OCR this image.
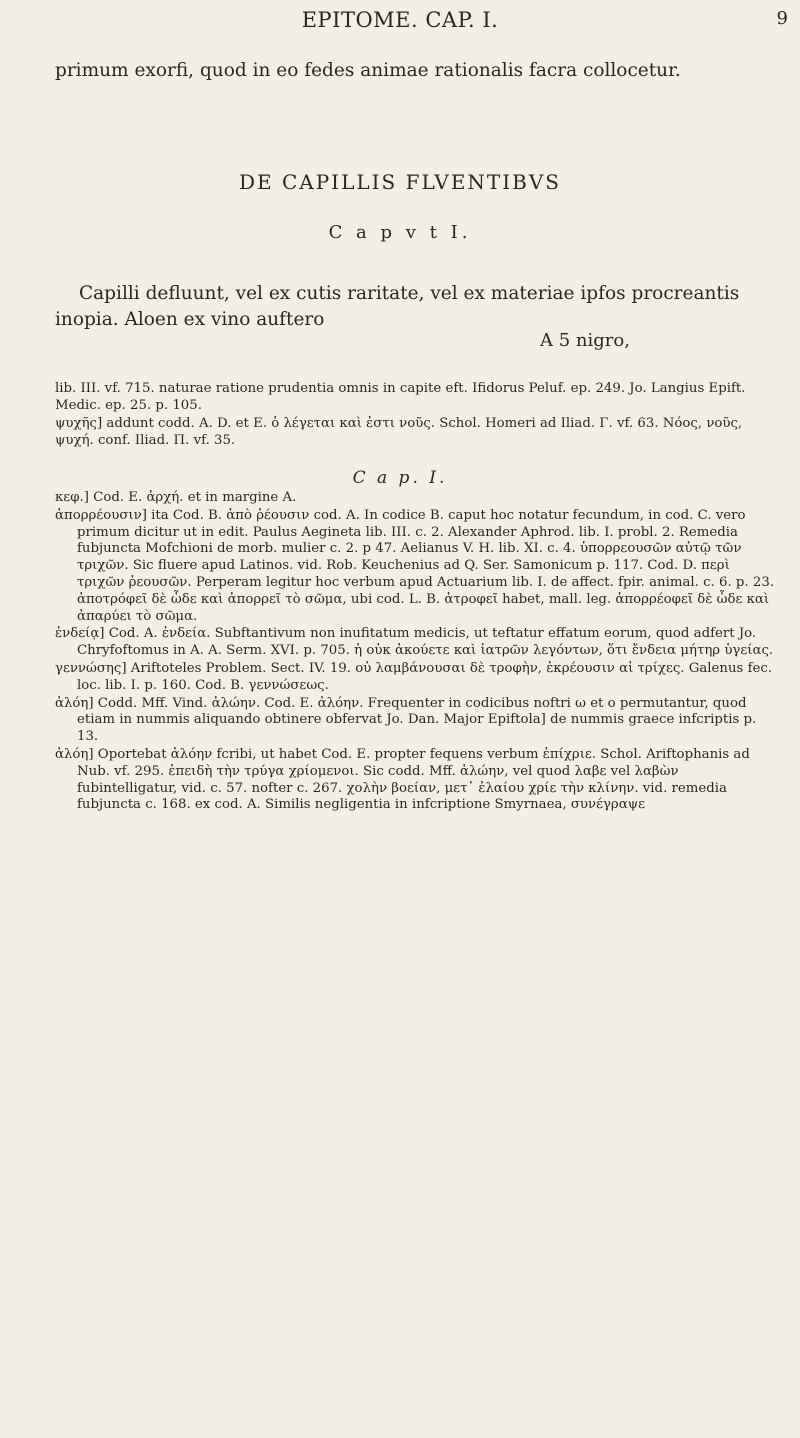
EPITOME. CAP. I.	9
primum exorfi, quod in eo fedes animae rationalis facra collocetur.
DE CAPILLIS FLVENTIBVS
C a p v t I.
Capilli defluunt, vel ex cutis raritate, vel ex materiae ipfos procreantis inopia. Aloen ex vino auftero
A 5 nigro,

lib. III. vf. 715. naturae ratione prudentia omnis in capite eft. Ifidorus Peluf. ep. 249. Jo. Langius Epift. Medic. ep. 25. p. 105.

ψυχῆς] addunt codd. A. D. et E. ὁ λέγεται καὶ ἐστι νοῦς. Schol. Homeri ad Iliad. Γ. vf. 63. Νόος, νοῦς, ψυχή. conf. Iliad. Π. vf. 35.

C a p. I.

κεφ.] Cod. E. ἀρχή. et in margine A.

ἀπορρέουσιν] ita Cod. B. ἀπὸ ῥέουσιν cod. A. In codice B. caput hoc notatur fecundum, in cod. C. vero primum dicitur ut in edit. Paulus Aegineta lib. III. c. 2. Alexander Aphrod. lib. I. probl. 2. Remedia fubjuncta Mofchioni de morb. mulier c. 2. p 47. Aelianus V. H. lib. XI. c. 4. ὑπορρεουσῶν αὐτῷ τῶν τριχῶν. Sic fluere apud Latinos. vid. Rob. Keuchenius ad Q. Ser. Samonicum p. 117. Cod. D. περὶ τριχῶν ῥεουσῶν. Perperam legitur hoc verbum apud Actuarium lib. I. de affect. fpir. animal. c. 6. p. 23. ἀποτρόφεῖ δὲ ὧδε καὶ ἀπορρεῖ τὸ σῶμα, ubi cod. L. B. ἀτροφεῖ habet, mall. leg. ἀπορρέοφεῖ δὲ ὧδε καὶ ἀπαρύει τὸ σῶμα.

ἐνδείᾳ] Cod. A. ἐνδεία. Subftantivum non inufitatum medicis, ut teftatur effatum eorum, quod adfert Jo. Chryfoftomus in A. A. Serm. XVI. p. 705. ἡ οὐκ ἀκούετε καὶ ἰατρῶν λεγόντων, ὅτι ἔνδεια μήτηρ ὑγείας.

γεννώσης] Ariftoteles Problem. Sect. IV. 19. οὐ λαμβάνουσαι δὲ τροφὴν, ἐκρέουσιν αἱ τρίχες. Galenus fec. loc. lib. I. p. 160. Cod. B. γεννώσεως.

ἀλόη] Codd. Mff. Vind. ἀλώην. Cod. E. ἀλόην. Frequenter in codicibus noftri ω et ο permutantur, quod etiam in nummis aliquando obtinere obfervat Jo. Dan. Major Epiftola] de nummis graece infcriptis p. 13.

ἀλόη] Oportebat ἀλόην fcribi, ut habet Cod. E. propter fequens verbum ἐπίχριε. Schol. Ariftophanis ad Nub. vf. 295. ἐπειδὴ τὴν τρύγα χρίομενοι. Sic codd. Mff. ἀλώην, vel quod λαβε vel λαβὼν fubintelligatur, vid. c. 57. nofter c. 267. χολὴν βοείαν, μετ᾽ ἐλαίου χρίε τὴν κλίνην. vid. remedia fubjuncta c. 168. ex cod. A. Similis negligentia in infcriptione Smyrnaea, συνέγραψε
